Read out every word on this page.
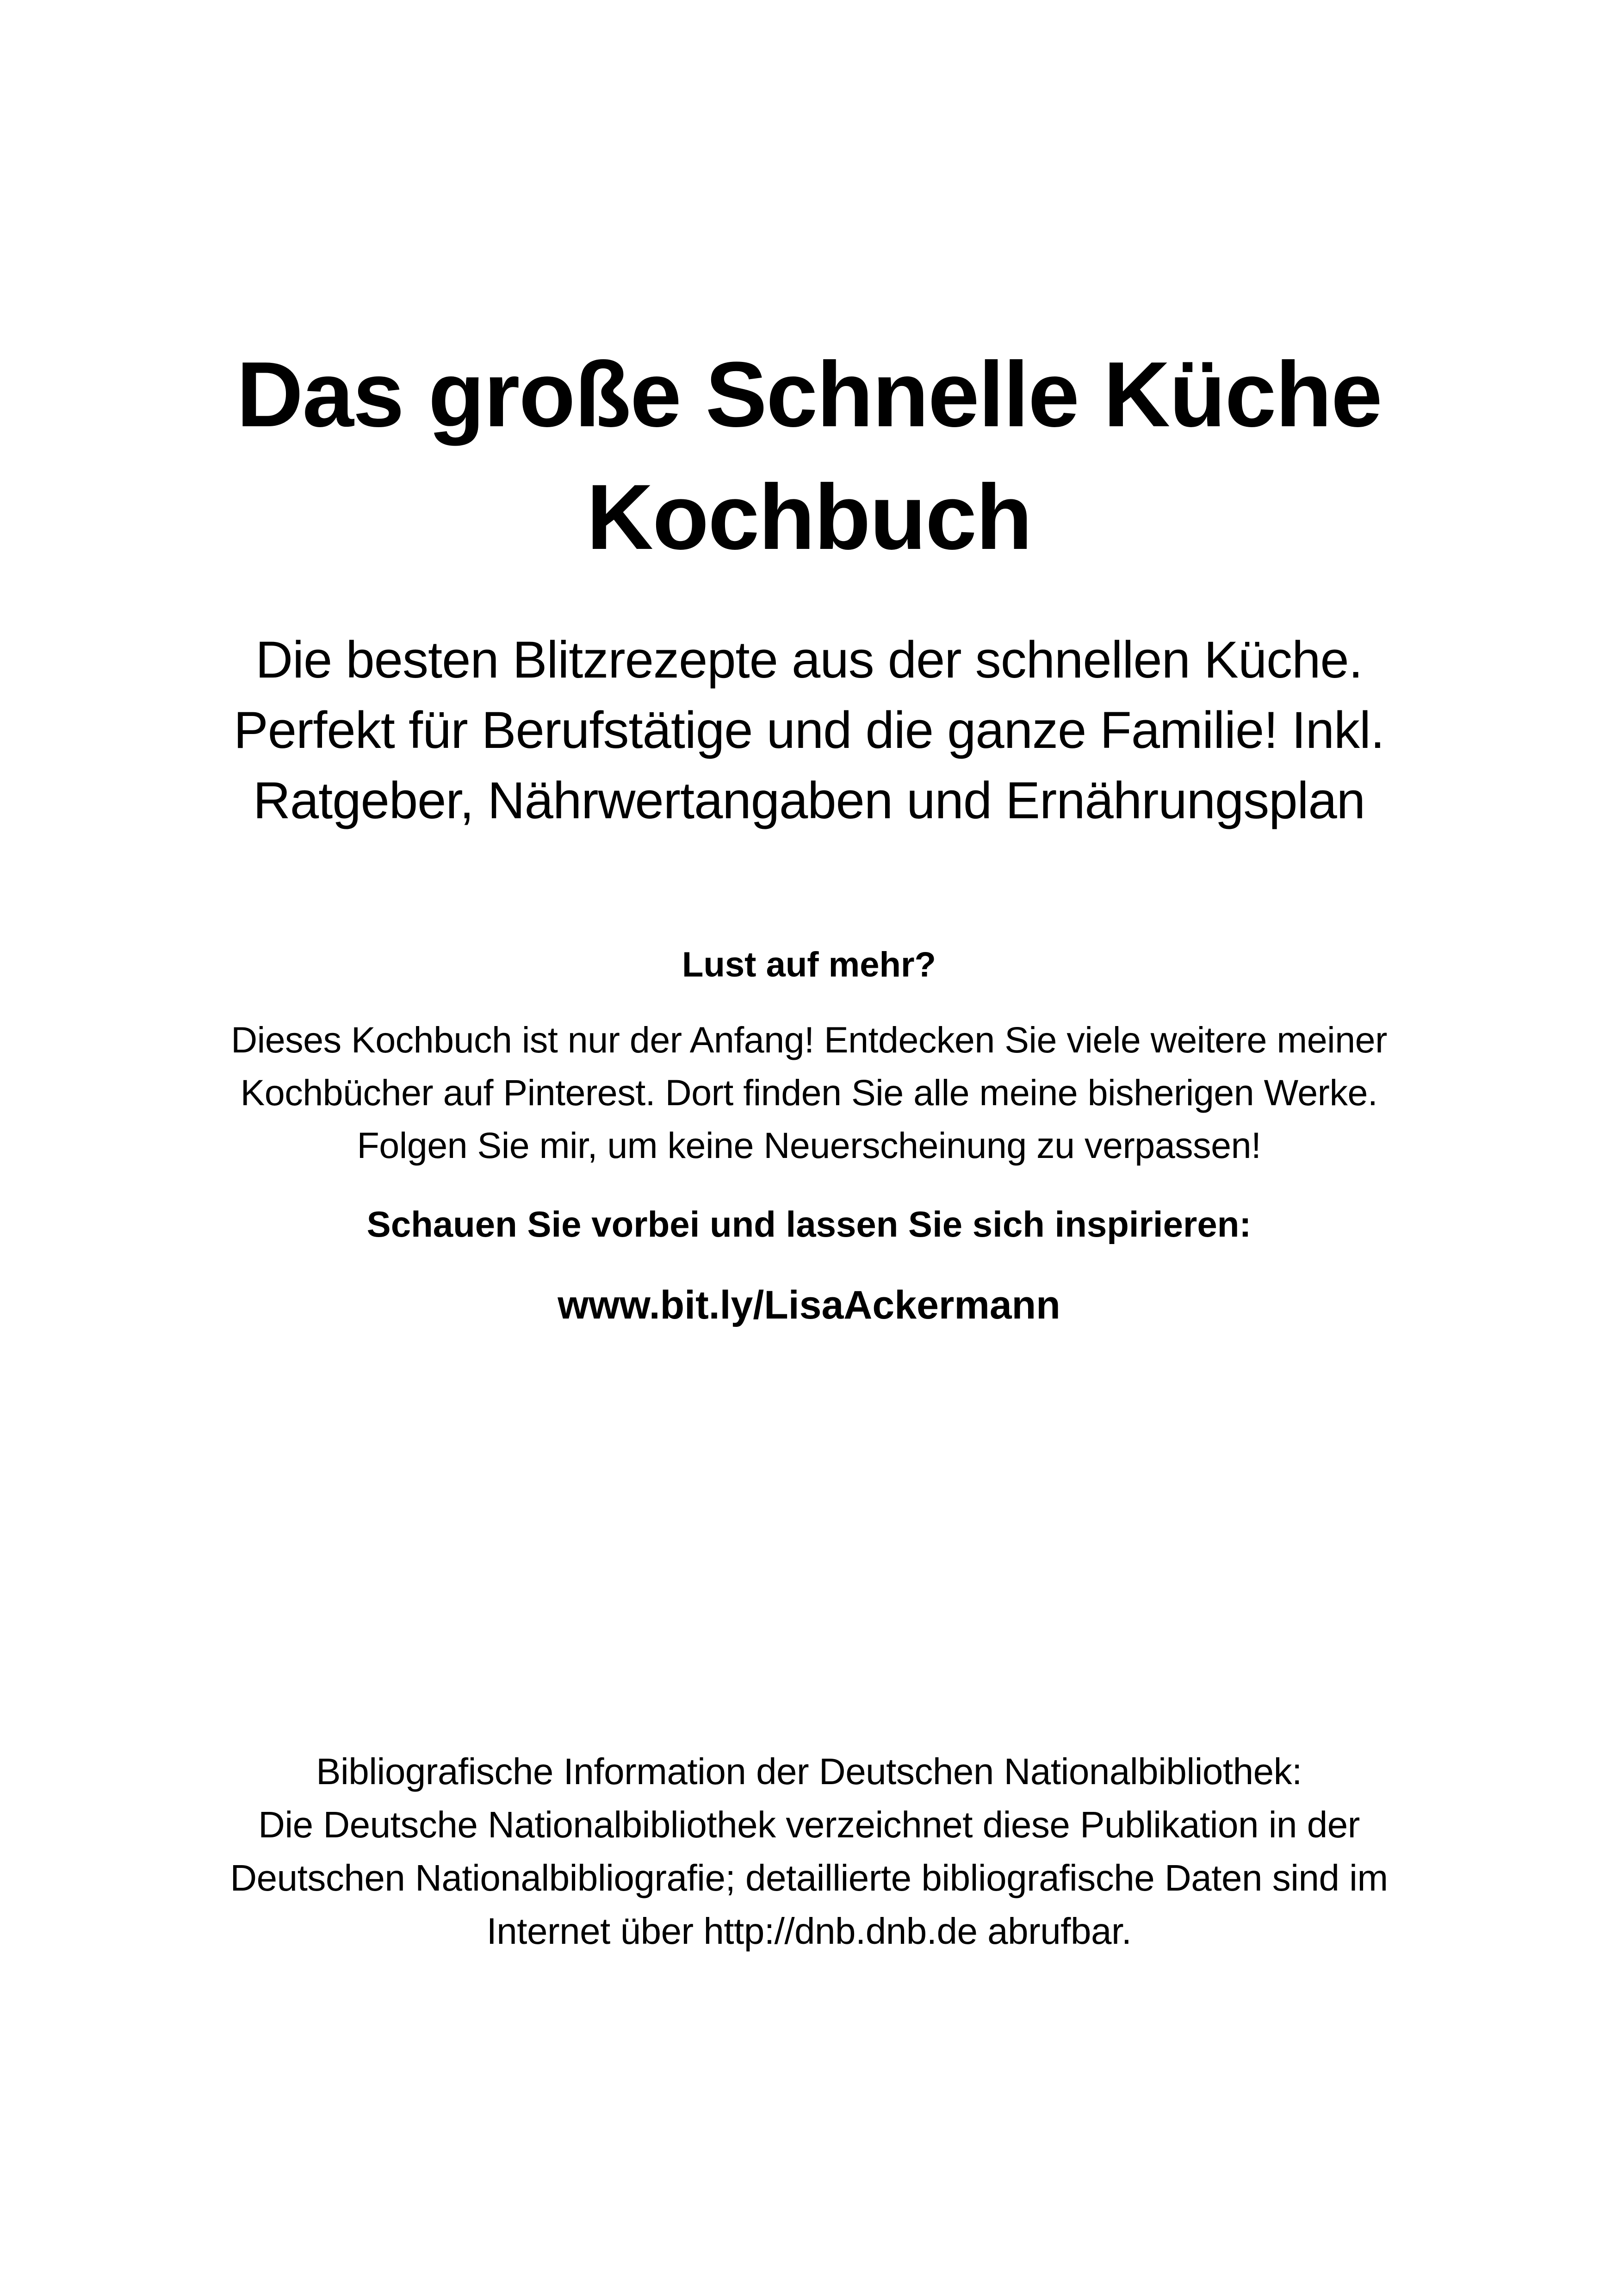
Das große Schnelle Küche
Kochbuch
Die besten Blitzrezepte aus der schnellen Küche.
Perfekt für Berufstätige und die ganze Familie! Inkl.
Ratgeber, Nährwertangaben und Ernährungsplan
Lust auf mehr?
Dieses Kochbuch ist nur der Anfang! Entdecken Sie viele weitere meiner
Kochbücher auf Pinterest. Dort finden Sie alle meine bisherigen Werke.
Folgen Sie mir, um keine Neuerscheinung zu verpassen!
Schauen Sie vorbei und lassen Sie sich inspirieren:
www.bit.ly/LisaAckermann
Bibliografische Information der Deutschen Nationalbibliothek:
Die Deutsche Nationalbibliothek verzeichnet diese Publikation in der
Deutschen Nationalbibliografie; detaillierte bibliografische Daten sind im
Internet über http://dnb.dnb.de abrufbar.
